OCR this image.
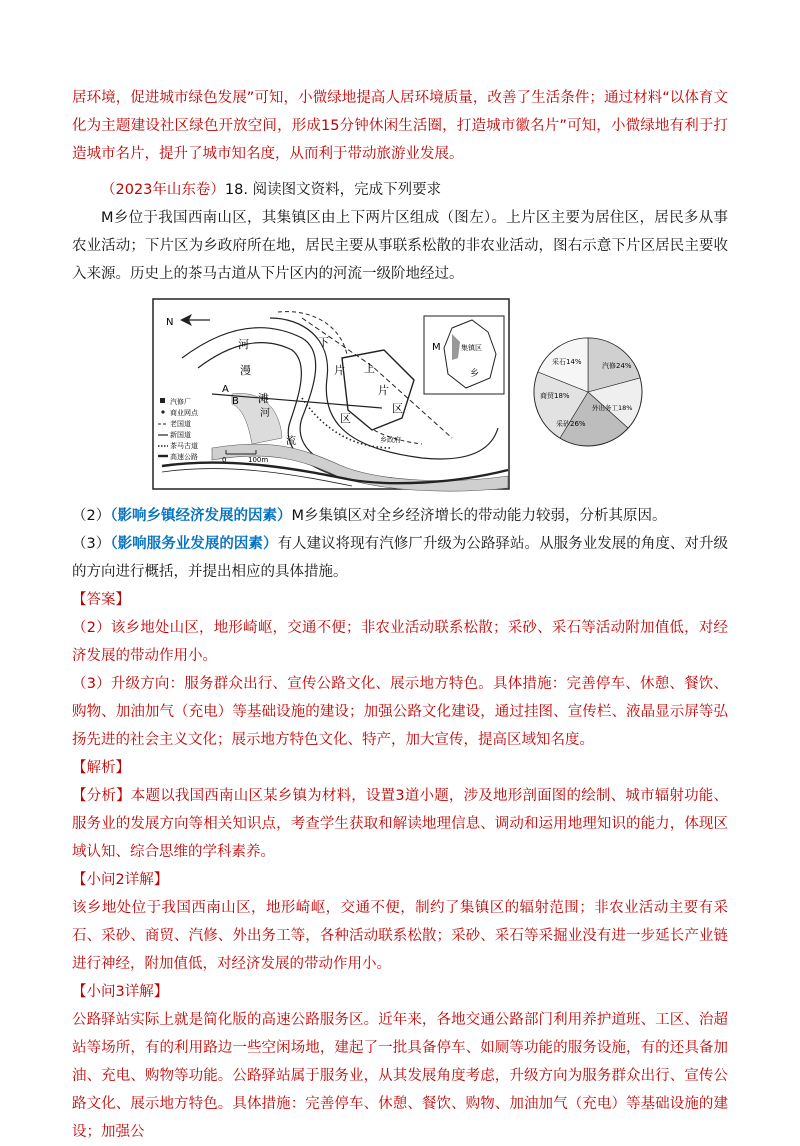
居环境，促进城市绿色发展”可知，小微绿地提高人居环境质量，改善了生活条件；通过材料“以体育文化为主题建设社区绿色开放空间，形成15分钟休闲生活圈，打造城市徽名片”可知，小微绿地有利于打造城市名片，提升了城市知名度，从而利于带动旅游业发展。

（2023年山东卷）18. 阅读图文资料，完成下列要求

M乡位于我国西南山区，其集镇区由上下两片区组成（图左）。上片区主要为居住区，居民多从事农业活动；下片区为乡政府所在地，居民主要从事联系松散的非农业活动，图右示意下片区居民主要收入来源。历史上的茶马古道从下片区内的河流一级阶地经过。

N
M	集镇区
乡
河	下
漫	片 上
片
区
滩
区
A
B
河
流	乡政府
汽修厂
商业网点
老国道
新国道
茶马古道
高速公路	0	100m
采石14%	汽修24%
商贸18%
采砂26%
外出务工18%

（2）（影响乡镇经济发展的因素）M乡集镇区对全乡经济增长的带动能力较弱，分析其原因。

（3）（影响服务业发展的因素）有人建议将现有汽修厂升级为公路驿站。从服务业发展的角度、对升级的方向进行概括，并提出相应的具体措施。

【答案】

（2）该乡地处山区，地形崎岖，交通不便；非农业活动联系松散；采砂、采石等活动附加值低，对经济发展的带动作用小。

（3）升级方向：服务群众出行、宣传公路文化、展示地方特色。具体措施：完善停车、休憩、餐饮、购物、加油加气（充电）等基础设施的建设；加强公路文化建设，通过挂图、宣传栏、液晶显示屏等弘扬先进的社会主义文化；展示地方特色文化、特产，加大宣传，提高区域知名度。

【解析】

【分析】本题以我国西南山区某乡镇为材料，设置3道小题，涉及地形剖面图的绘制、城市辐射功能、服务业的发展方向等相关知识点，考查学生获取和解读地理信息、调动和运用地理知识的能力，体现区域认知、综合思维的学科素养。

【小问2详解】

该乡地处位于我国西南山区，地形崎岖，交通不便，制约了集镇区的辐射范围；非农业活动主要有采石、采砂、商贸、汽修、外出务工等，各种活动联系松散；采砂、采石等采掘业没有进一步延长产业链进行神经，附加值低，对经济发展的带动作用小。

【小问3详解】

公路驿站实际上就是简化版的高速公路服务区。近年来，各地交通公路部门利用养护道班、工区、治超站等场所，有的利用路边一些空闲场地，建起了一批具备停车、如厕等功能的服务设施，有的还具备加油、充电、购物等功能。公路驿站属于服务业，从其发展角度考虑，升级方向为服务群众出行、宣传公路文化、展示地方特色。具体措施：完善停车、休憩、餐饮、购物、加油加气（充电）等基础设施的建设；加强公
